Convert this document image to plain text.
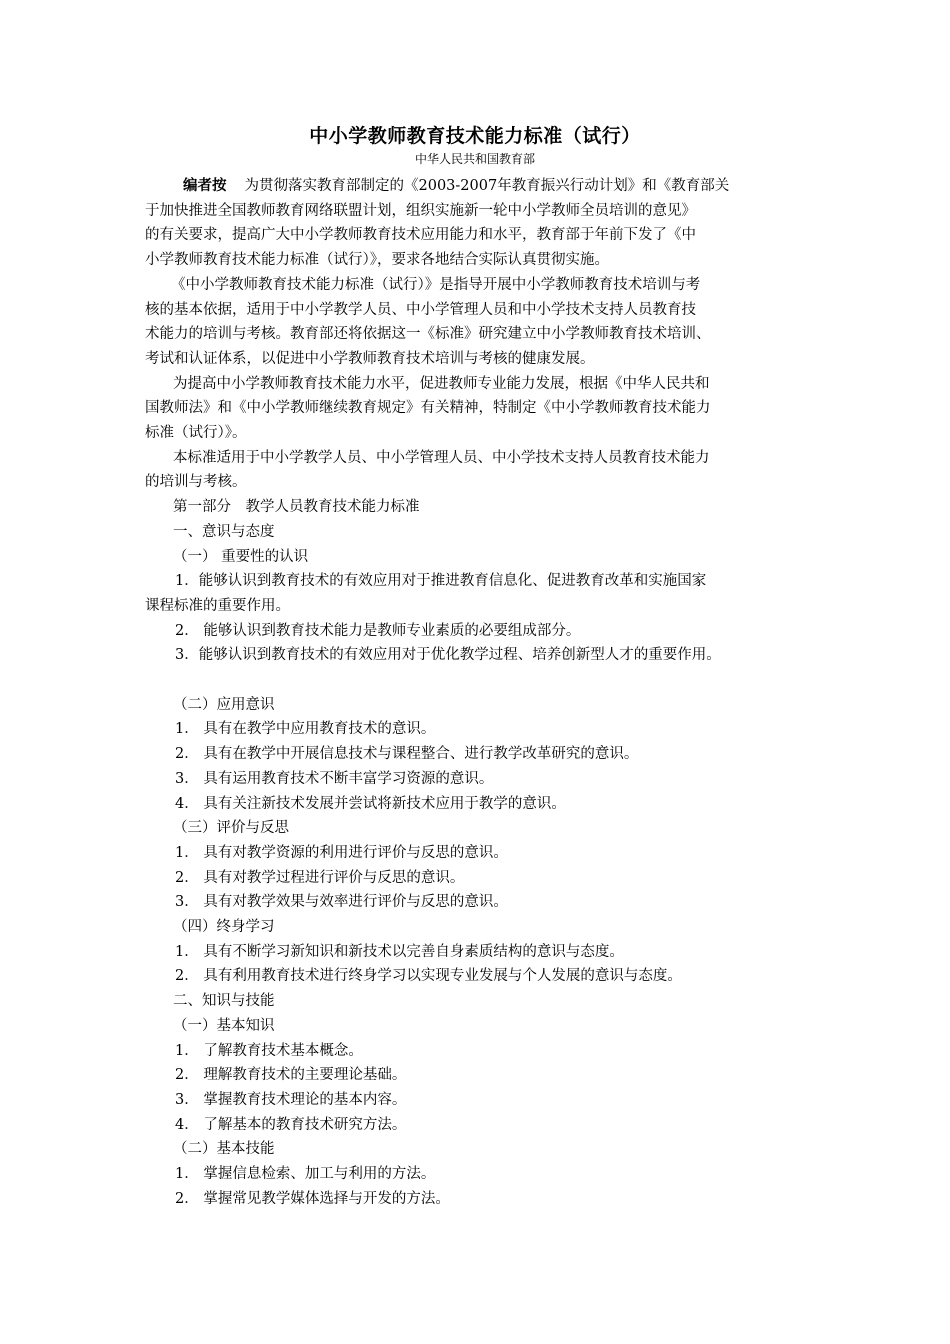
中小学教师教育技术能力标准（试行）
中华人民共和国教育部

编者按 为贯彻落实教育部制定的《2003-2007年教育振兴行动计划》和《教育部关

于加快推进全国教师教育网络联盟计划，组织实施新一轮中小学教师全员培训的意见》

的有关要求，提高广大中小学教师教育技术应用能力和水平，教育部于年前下发了《中

小学教师教育技术能力标准（试行）》，要求各地结合实际认真贯彻实施。

《中小学教师教育技术能力标准（试行）》是指导开展中小学教师教育技术培训与考

核的基本依据，适用于中小学教学人员、中小学管理人员和中小学技术支持人员教育技

术能力的培训与考核。教育部还将依据这一《标准》研究建立中小学教师教育技术培训、

考试和认证体系，以促进中小学教师教育技术培训与考核的健康发展。

为提高中小学教师教育技术能力水平，促进教师专业能力发展，根据《中华人民共和

国教师法》和《中小学教师继续教育规定》有关精神，特制定《中小学教师教育技术能力

标准（试行）》。

本标准适用于中小学教学人员、中小学管理人员、中小学技术支持人员教育技术能力

的培训与考核。

第一部分　教学人员教育技术能力标准

一、意识与态度

（一） 重要性的认识

1．能够认识到教育技术的有效应用对于推进教育信息化、促进教育改革和实施国家

课程标准的重要作用。

2． 能够认识到教育技术能力是教师专业素质的必要组成部分。

3．能够认识到教育技术的有效应用对于优化教学过程、培养创新型人才的重要作用。

（二）应用意识

1． 具有在教学中应用教育技术的意识。

2． 具有在教学中开展信息技术与课程整合、进行教学改革研究的意识。

3． 具有运用教育技术不断丰富学习资源的意识。

4． 具有关注新技术发展并尝试将新技术应用于教学的意识。

（三）评价与反思

1． 具有对教学资源的利用进行评价与反思的意识。

2． 具有对教学过程进行评价与反思的意识。

3． 具有对教学效果与效率进行评价与反思的意识。

（四）终身学习

1． 具有不断学习新知识和新技术以完善自身素质结构的意识与态度。

2． 具有利用教育技术进行终身学习以实现专业发展与个人发展的意识与态度。

二、知识与技能

（一）基本知识

1． 了解教育技术基本概念。

2． 理解教育技术的主要理论基础。

3． 掌握教育技术理论的基本内容。

4． 了解基本的教育技术研究方法。

（二）基本技能

1． 掌握信息检索、加工与利用的方法。

2． 掌握常见教学媒体选择与开发的方法。
